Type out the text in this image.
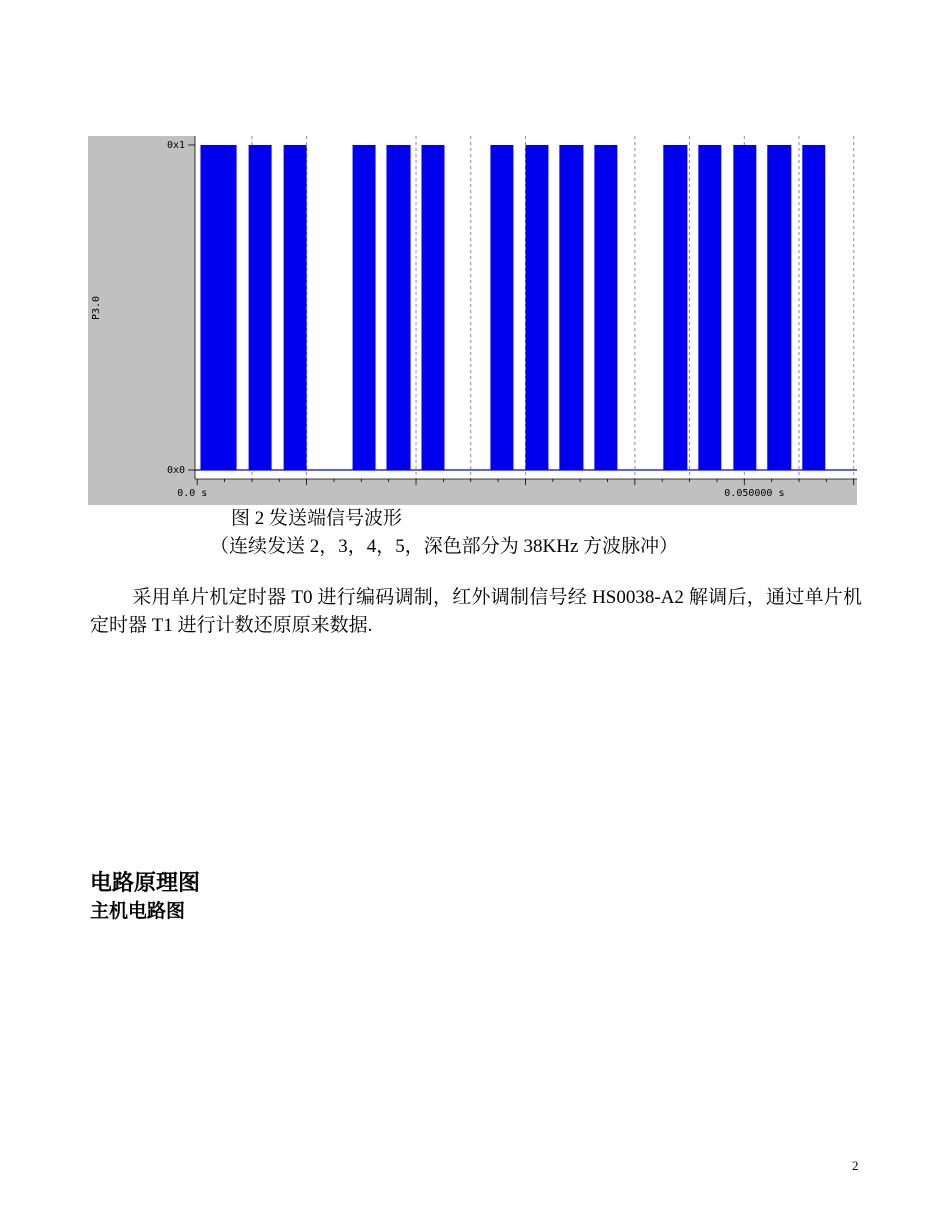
0x1
0x0
P3.0
0.0 s	0.050000 s
图 2 发送端信号波形
（连续发送 2，3，4，5，深色部分为 38KHz 方波脉冲）
采用单片机定时器 T0 进行编码调制，红外调制信号经 HS0038-A2 解调后，通过单片机定时器 T1 进行计数还原原来数据.
电路原理图
主机电路图
2
